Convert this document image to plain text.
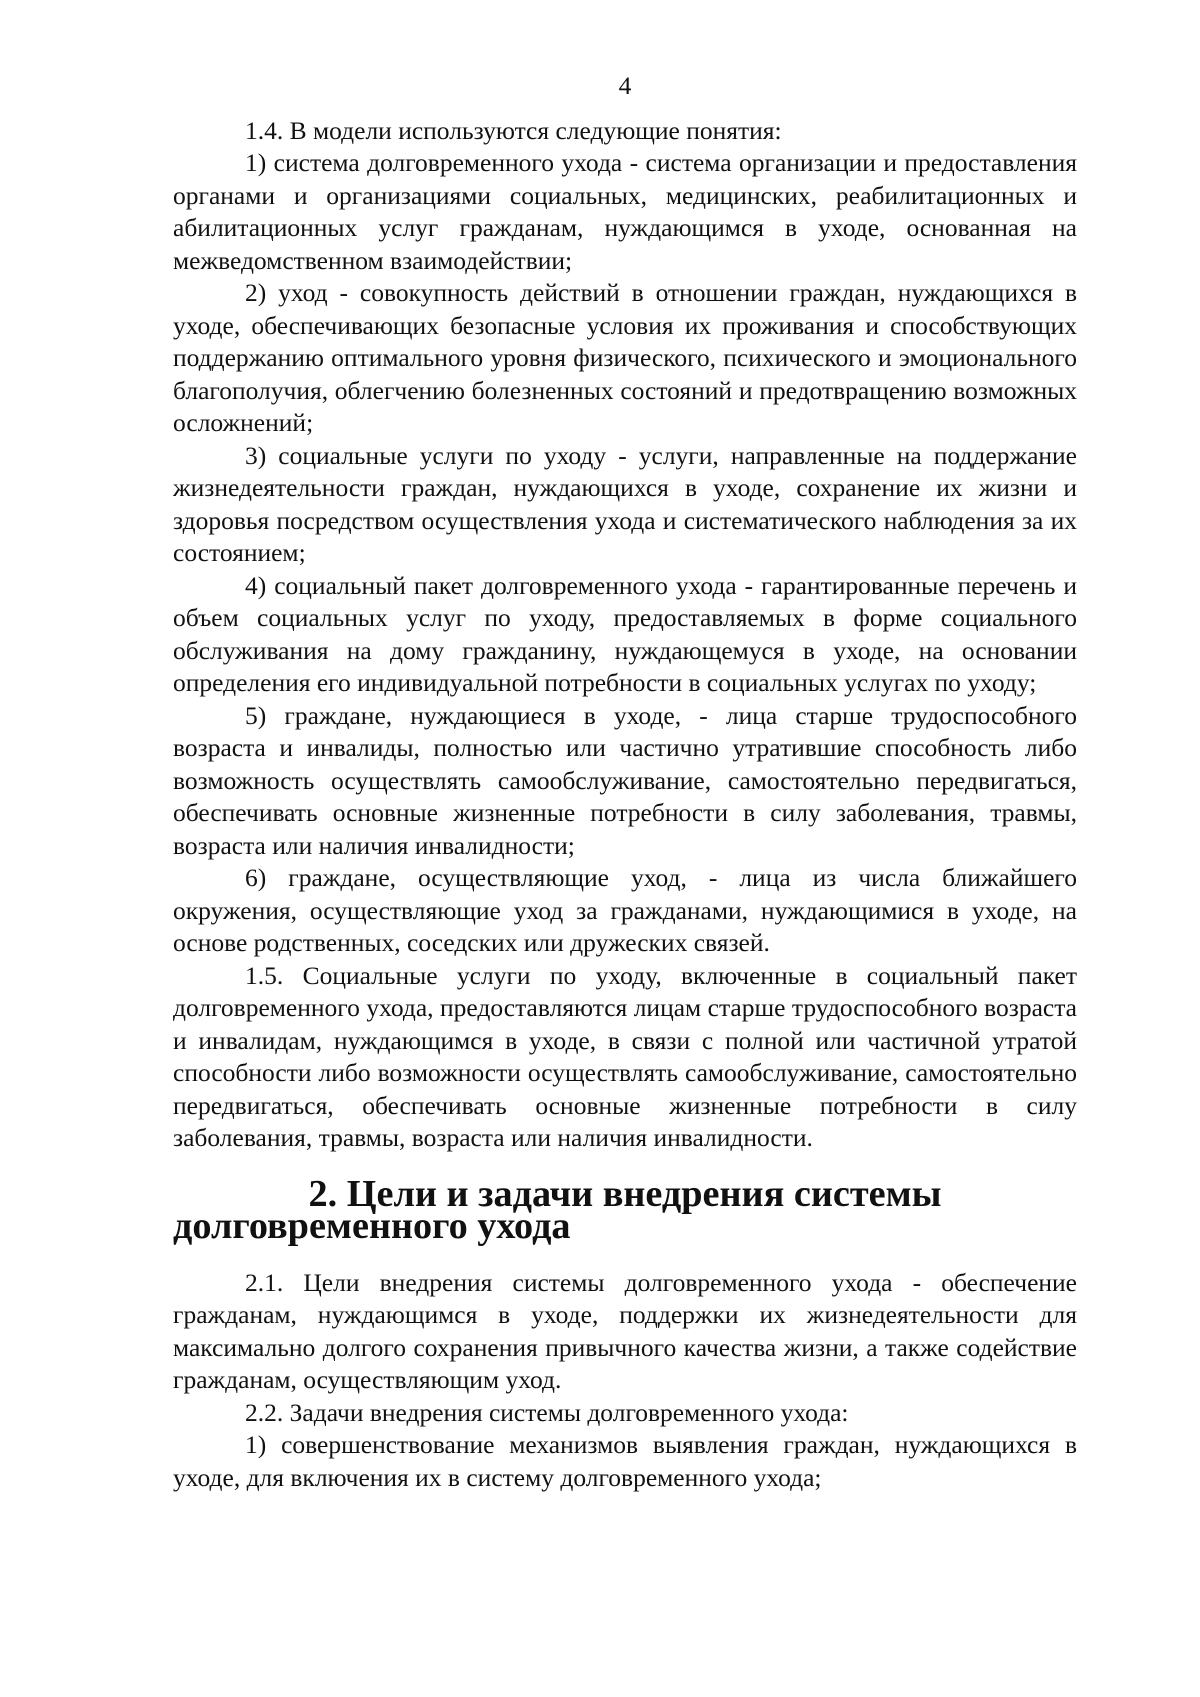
4

1.4. В модели используются следующие понятия:

1) система долговременного ухода - система организации и предоставления органами и организациями социальных, медицинских, реабилитационных и абилитационных услуг гражданам, нуждающимся в уходе, основанная на межведомственном взаимодействии;

2) уход - совокупность действий в отношении граждан, нуждающихся в уходе, обеспечивающих безопасные условия их проживания и способствующих поддержанию оптимального уровня физического, психического и эмоционального благополучия, облегчению болезненных состояний и предотвращению возможных осложнений;

3) социальные услуги по уходу - услуги, направленные на поддержание жизнедеятельности граждан, нуждающихся в уходе, сохранение их жизни и здоровья посредством осуществления ухода и систематического наблюдения за их состоянием;

4) социальный пакет долговременного ухода - гарантированные перечень и объем социальных услуг по уходу, предоставляемых в форме социального обслуживания на дому гражданину, нуждающемуся в уходе, на основании определения его индивидуальной потребности в социальных услугах по уходу;

5) граждане, нуждающиеся в уходе, - лица старше трудоспособного возраста и инвалиды, полностью или частично утратившие способность либо возможность осуществлять самообслуживание, самостоятельно передвигаться, обеспечивать основные жизненные потребности в силу заболевания, травмы, возраста или наличия инвалидности;

6) граждане, осуществляющие уход, - лица из числа ближайшего окружения, осуществляющие уход за гражданами, нуждающимися в уходе, на основе родственных, соседских или дружеских связей.

1.5. Социальные услуги по уходу, включенные в социальный пакет долговременного ухода, предоставляются лицам старше трудоспособного возраста и инвалидам, нуждающимся в уходе, в связи с полной или частичной утратой способности либо возможности осуществлять самообслуживание, самостоятельно передвигаться, обеспечивать основные жизненные потребности в силу заболевания, травмы, возраста или наличия инвалидности.

2. Цели и задачи внедрения системы долговременного ухода

2.1. Цели внедрения системы долговременного ухода - обеспечение гражданам, нуждающимся в уходе, поддержки их жизнедеятельности для максимально долгого сохранения привычного качества жизни, а также содействие гражданам, осуществляющим уход.

2.2. Задачи внедрения системы долговременного ухода:

1) совершенствование механизмов выявления граждан, нуждающихся в уходе, для включения их в систему долговременного ухода;
